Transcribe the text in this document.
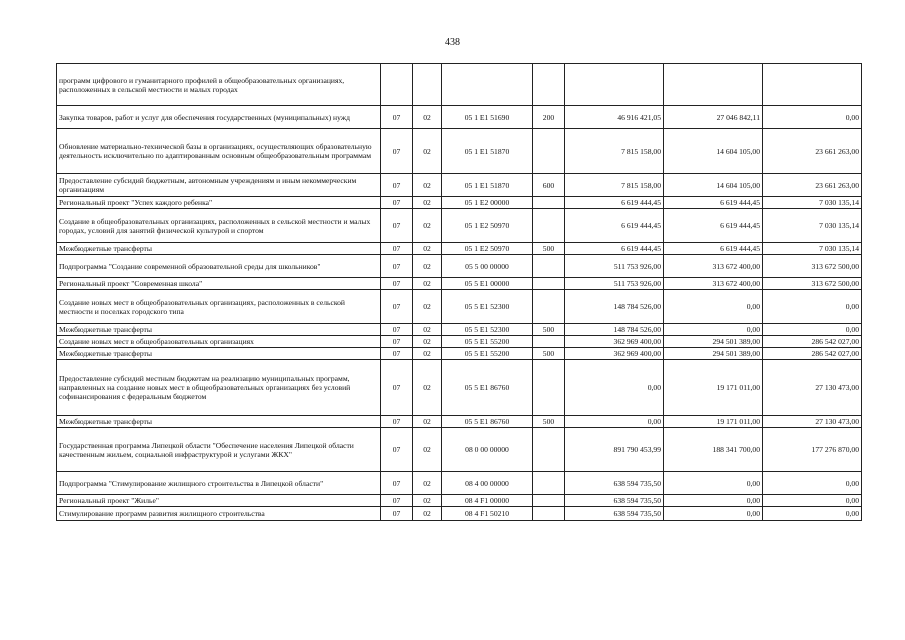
438
программ цифрового и гуманитарного профилей в общеобразовательных организациях, расположенных в сельской местности и малых городах							
Закупка товаров, работ и услуг для обеспечения государственных (муниципальных) нужд	07	02	05 1 E1 51690	200	46 916 421,05	27 046 842,11	0,00
Обновление материально-технической базы в организациях, осуществляющих образовательную деятельность исключительно по адаптированным основным общеобразовательным программам	07	02	05 1 E1 51870		7 815 158,00	14 604 105,00	23 661 263,00
Предоставление субсидий бюджетным, автономным учреждениям и иным некоммерческим организациям	07	02	05 1 E1 51870	600	7 815 158,00	14 604 105,00	23 661 263,00
Региональный проект "Успех каждого ребенка"	07	02	05 1 E2 00000		6 619 444,45	6 619 444,45	7 030 135,14
Создание в общеобразовательных организациях, расположенных в сельской местности и малых городах, условий для занятий физической культурой и спортом	07	02	05 1 E2 50970		6 619 444,45	6 619 444,45	7 030 135,14
Межбюджетные трансферты	07	02	05 1 E2 50970	500	6 619 444,45	6 619 444,45	7 030 135,14
Подпрограмма "Создание современной образовательной среды для школьников"	07	02	05 5 00 00000		511 753 926,00	313 672 400,00	313 672 500,00
Региональный проект "Современная школа"	07	02	05 5 E1 00000		511 753 926,00	313 672 400,00	313 672 500,00
Создание новых мест в общеобразовательных организациях, расположенных в сельской местности и поселках городского типа	07	02	05 5 E1 52300		148 784 526,00	0,00	0,00
Межбюджетные трансферты	07	02	05 5 E1 52300	500	148 784 526,00	0,00	0,00
Создание новых мест в общеобразовательных организациях	07	02	05 5 E1 55200		362 969 400,00	294 501 389,00	286 542 027,00
Межбюджетные трансферты	07	02	05 5 E1 55200	500	362 969 400,00	294 501 389,00	286 542 027,00
Предоставление субсидий местным бюджетам на реализацию муниципальных программ, направленных на создание новых мест в общеобразовательных организациях без условий софинансирования с федеральным бюджетом	07	02	05 5 E1 86760		0,00	19 171 011,00	27 130 473,00
Межбюджетные трансферты	07	02	05 5 E1 86760	500	0,00	19 171 011,00	27 130 473,00
Государственная программа Липецкой области "Обеспечение населения Липецкой области качественным жильем, социальной инфраструктурой и услугами ЖКХ"	07	02	08 0 00 00000		891 790 453,99	188 341 700,00	177 276 870,00
Подпрограмма "Стимулирование жилищного строительства в Липецкой области"	07	02	08 4 00 00000		638 594 735,50	0,00	0,00
Региональный проект "Жилье"	07	02	08 4 F1 00000		638 594 735,50	0,00	0,00
Стимулирование программ развития жилищного строительства	07	02	08 4 F1 50210		638 594 735,50	0,00	0,00
